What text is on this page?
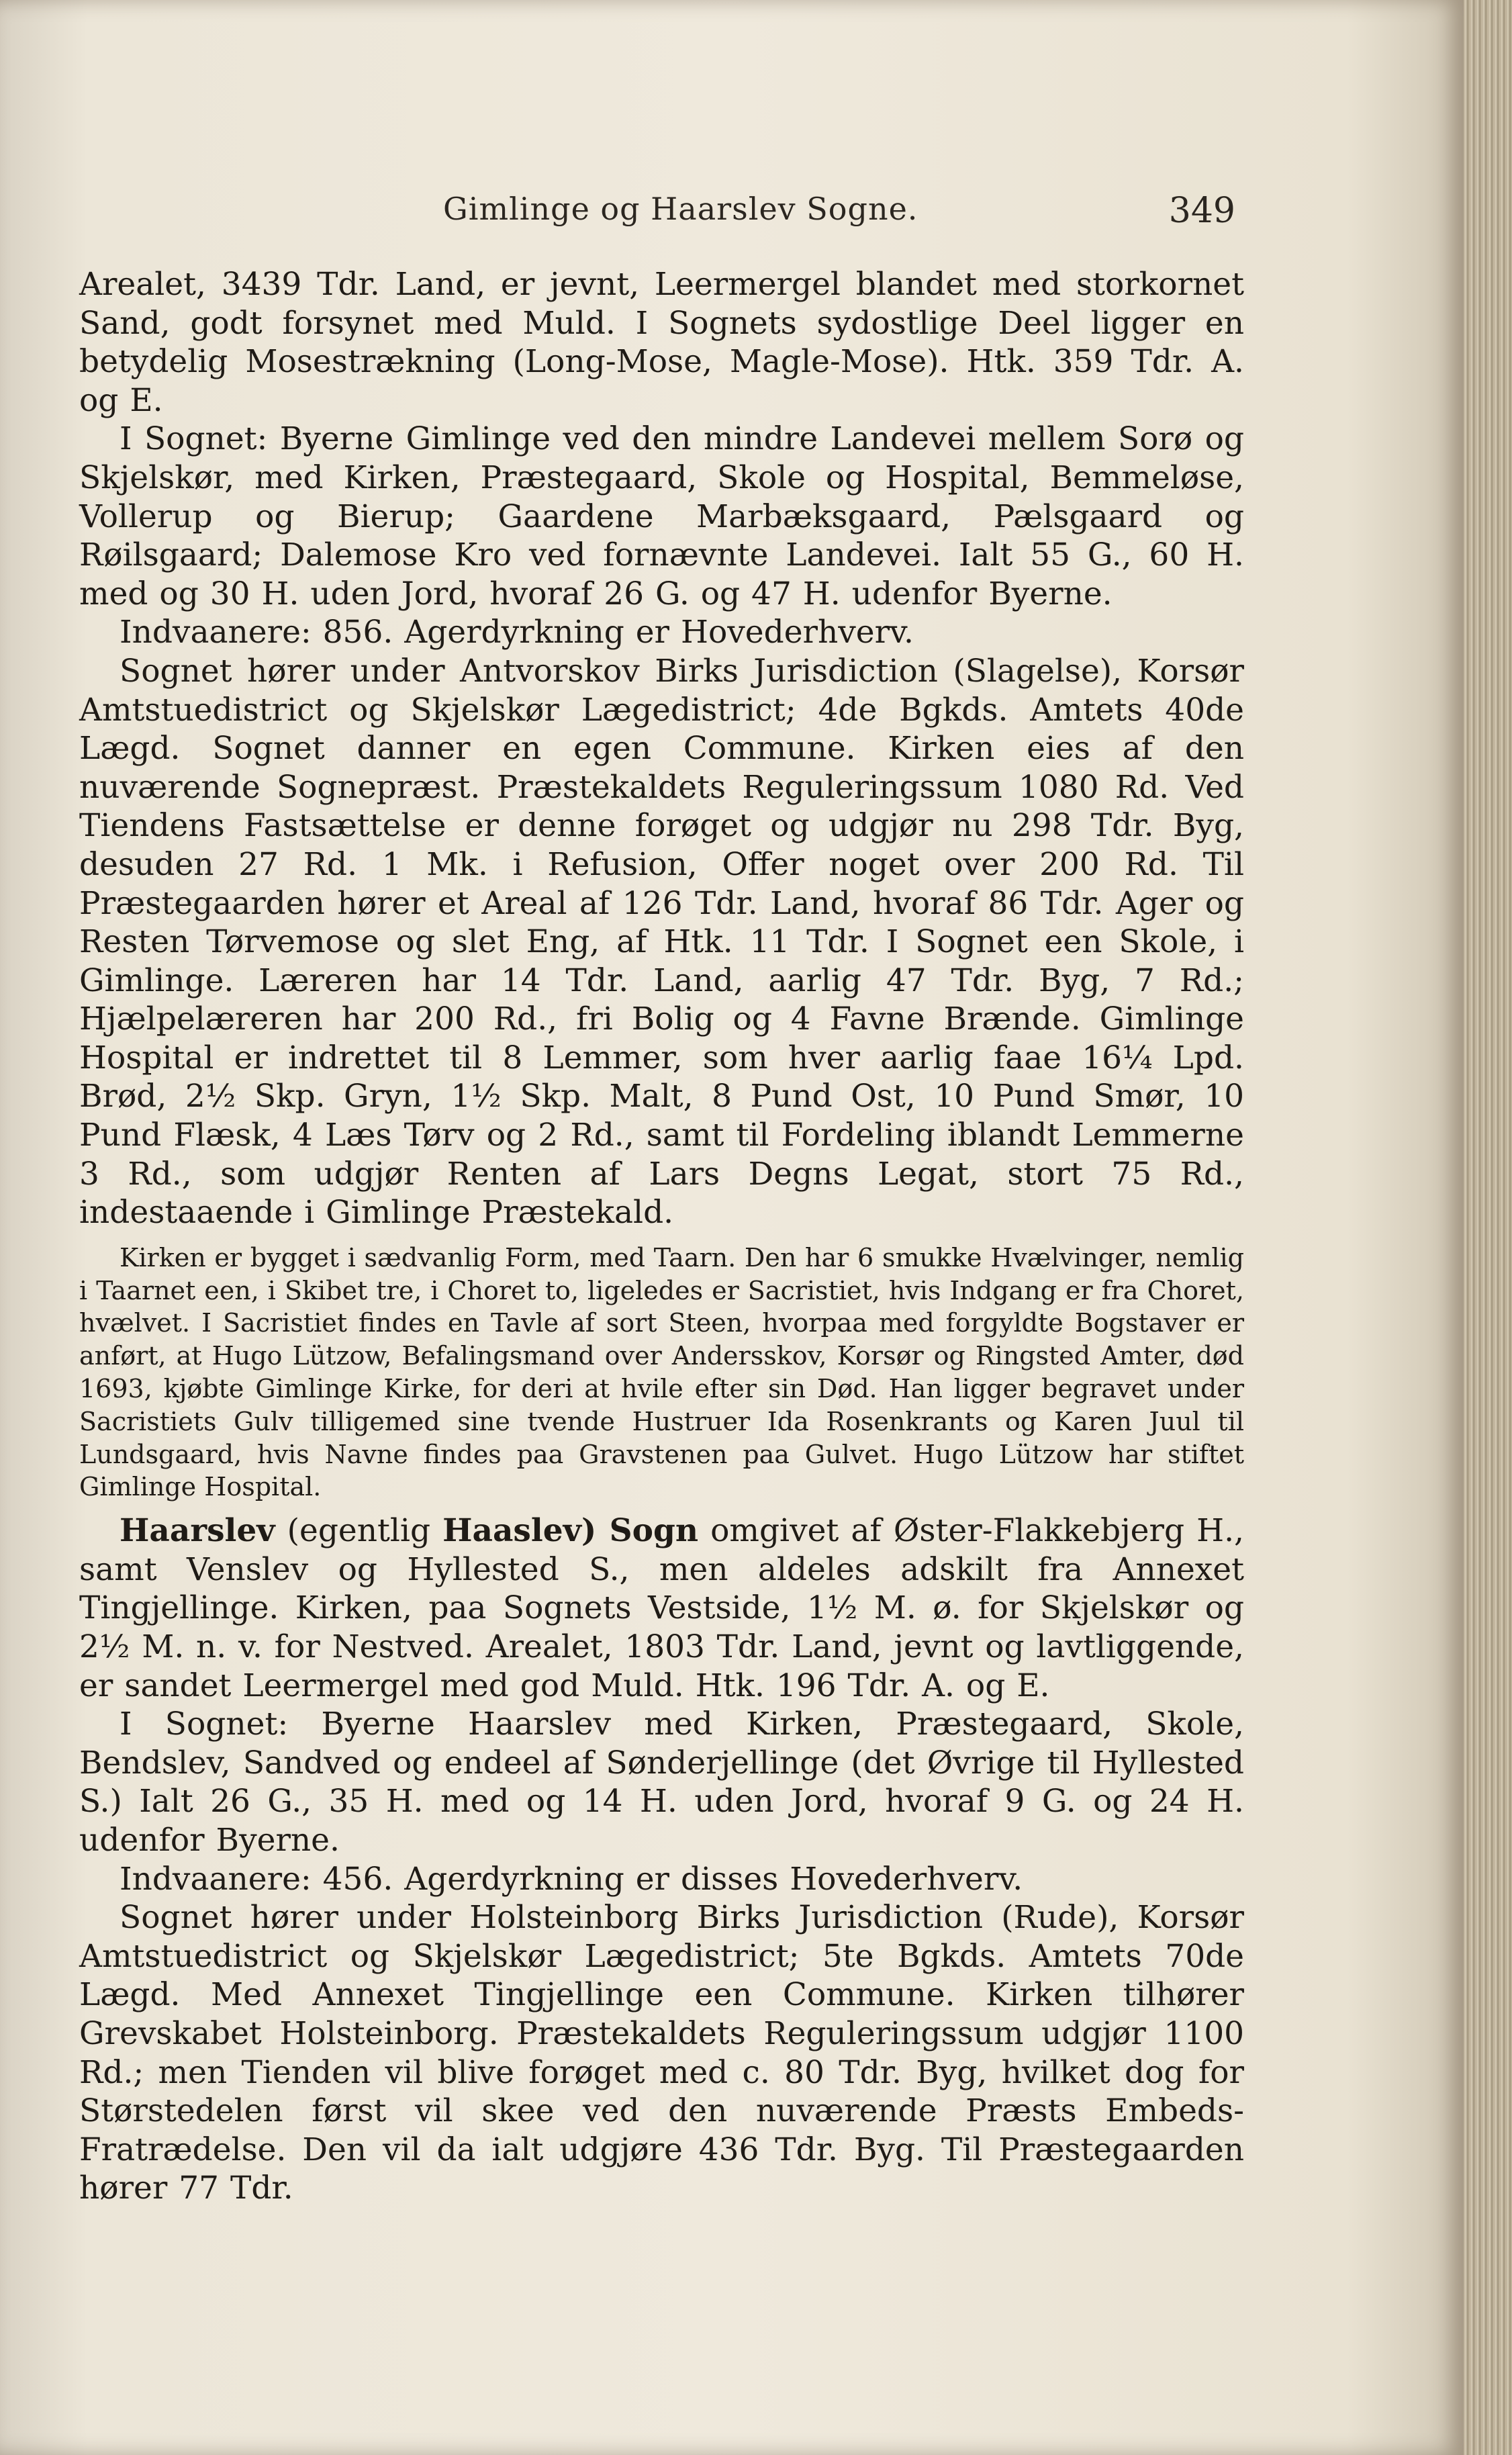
Gimlinge og Haarslev Sogne.	349

Arealet, 3439 Tdr. Land, er jevnt, Leermergel blandet med storkornet Sand, godt forsynet med Muld. I Sognets sydostlige Deel ligger en betydelig Mosestrækning (Long-Mose, Magle-Mose). Htk. 359 Tdr. A. og E.

I Sognet: Byerne Gimlinge ved den mindre Landevei mellem Sorø og Skjelskør, med Kirken, Præstegaard, Skole og Hospital, Bemmeløse, Vollerup og Bierup; Gaardene Marbæksgaard, Pælsgaard og Røilsgaard; Dalemose Kro ved fornævnte Landevei. Ialt 55 G., 60 H. med og 30 H. uden Jord, hvoraf 26 G. og 47 H. udenfor Byerne.

Indvaanere: 856. Agerdyrkning er Hovederhverv.

Sognet hører under Antvorskov Birks Jurisdiction (Slagelse), Korsør Amtstuedistrict og Skjelskør Lægedistrict; 4de Bgkds. Amtets 40de Lægd. Sognet danner en egen Commune. Kirken eies af den nuværende Sognepræst. Præstekaldets Reguleringssum 1080 Rd. Ved Tiendens Fastsættelse er denne forøget og udgjør nu 298 Tdr. Byg, desuden 27 Rd. 1 Mk. i Refusion, Offer noget over 200 Rd. Til Præstegaarden hører et Areal af 126 Tdr. Land, hvoraf 86 Tdr. Ager og Resten Tørvemose og slet Eng, af Htk. 11 Tdr. I Sognet een Skole, i Gimlinge. Læreren har 14 Tdr. Land, aarlig 47 Tdr. Byg, 7 Rd.; Hjælpelæreren har 200 Rd., fri Bolig og 4 Favne Brænde. Gimlinge Hospital er indrettet til 8 Lemmer, som hver aarlig faae 16¼ Lpd. Brød, 2½ Skp. Gryn, 1½ Skp. Malt, 8 Pund Ost, 10 Pund Smør, 10 Pund Flæsk, 4 Læs Tørv og 2 Rd., samt til Fordeling iblandt Lemmerne 3 Rd., som udgjør Renten af Lars Degns Legat, stort 75 Rd., indestaaende i Gimlinge Præstekald.

Kirken er bygget i sædvanlig Form, med Taarn. Den har 6 smukke Hvælvinger, nemlig i Taarnet een, i Skibet tre, i Choret to, ligeledes er Sacristiet, hvis Indgang er fra Choret, hvælvet. I Sacristiet findes en Tavle af sort Steen, hvorpaa med forgyldte Bogstaver er anført, at Hugo Lützow, Befalingsmand over Andersskov, Korsør og Ringsted Amter, død 1693, kjøbte Gimlinge Kirke, for deri at hvile efter sin Død. Han ligger begravet under Sacristiets Gulv tilligemed sine tvende Hustruer Ida Rosenkrants og Karen Juul til Lundsgaard, hvis Navne findes paa Gravstenen paa Gulvet. Hugo Lützow har stiftet Gimlinge Hospital.

Haarslev (egentlig Haaslev) Sogn omgivet af Øster-Flakkebjerg H., samt Venslev og Hyllested S., men aldeles adskilt fra Annexet Tingjellinge. Kirken, paa Sognets Vestside, 1½ M. ø. for Skjelskør og 2½ M. n. v. for Nestved. Arealet, 1803 Tdr. Land, jevnt og lavtliggende, er sandet Leermergel med god Muld. Htk. 196 Tdr. A. og E.

I Sognet: Byerne Haarslev med Kirken, Præstegaard, Skole, Bendslev, Sandved og endeel af Sønderjellinge (det Øvrige til Hyllested S.) Ialt 26 G., 35 H. med og 14 H. uden Jord, hvoraf 9 G. og 24 H. udenfor Byerne.

Indvaanere: 456. Agerdyrkning er disses Hovederhverv.

Sognet hører under Holsteinborg Birks Jurisdiction (Rude), Korsør Amtstuedistrict og Skjelskør Lægedistrict; 5te Bgkds. Amtets 70de Lægd. Med Annexet Tingjellinge een Commune. Kirken tilhører Grevskabet Holsteinborg. Præstekaldets Reguleringssum udgjør 1100 Rd.; men Tienden vil blive forøget med c. 80 Tdr. Byg, hvilket dog for Størstedelen først vil skee ved den nuværende Præsts Embeds-Fratrædelse. Den vil da ialt udgjøre 436 Tdr. Byg. Til Præstegaarden hører 77 Tdr.
